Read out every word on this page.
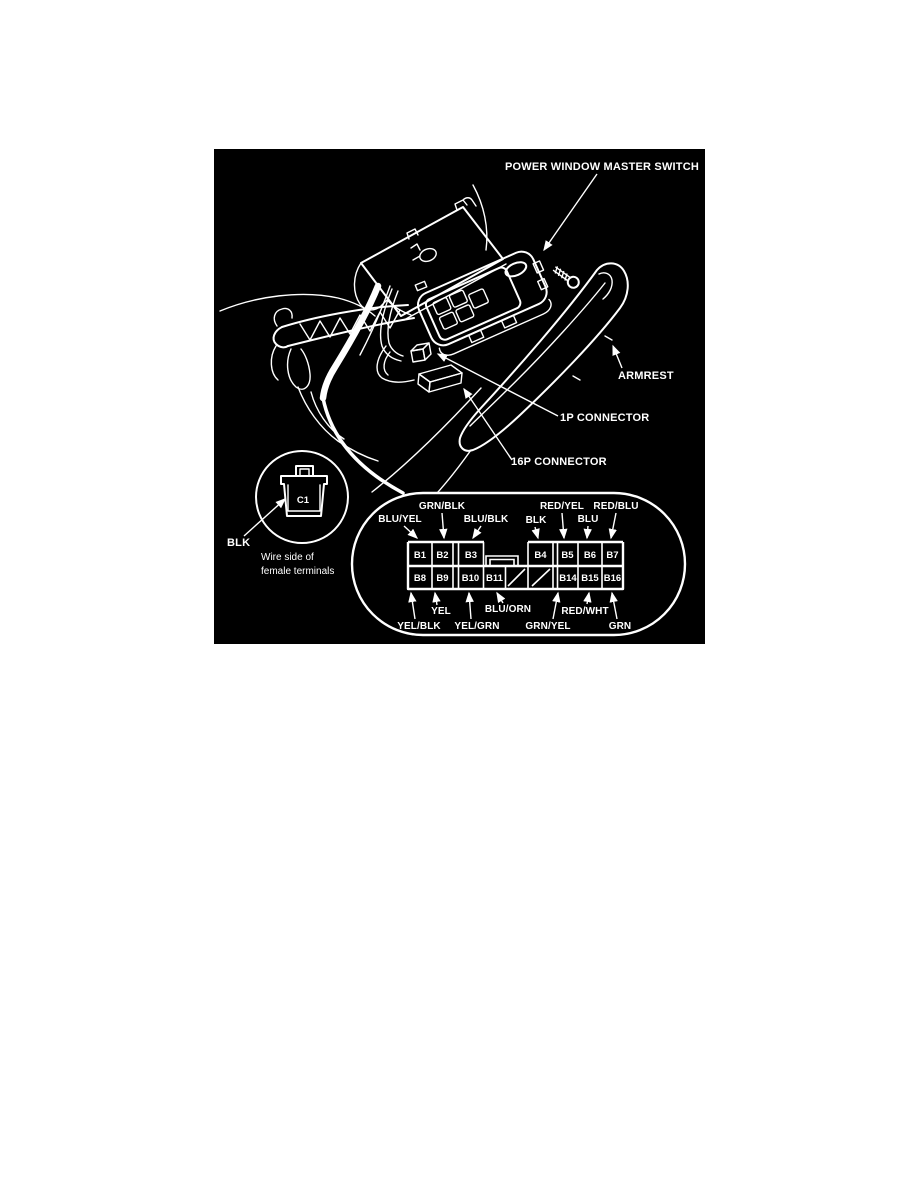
C1
BLK
Wire side of
female terminals
POWER WINDOW MASTER SWITCH
ARMREST
1P CONNECTOR
16P CONNECTOR
B1 B2 B3	B4 B5 B6 B7
B8 B9 B10 B11	B14 B15 B16
BLU/YEL
GRN/BLK
BLU/BLK BLK
RED/YEL
BLU
RED/BLU
YEL/BLK
YEL
YEL/GRN
BLU/ORN
GRN/YEL
RED/WHT
GRN
